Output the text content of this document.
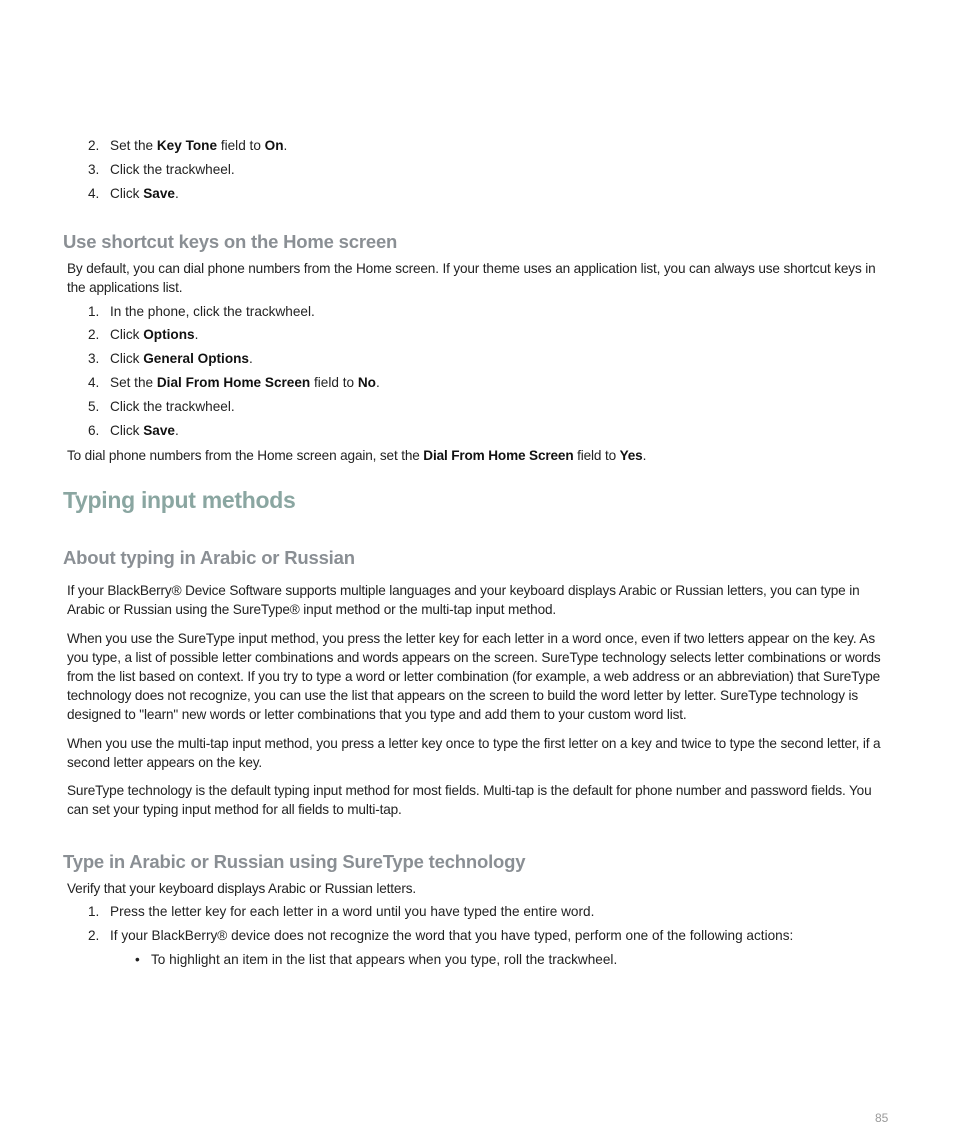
2. Set the Key Tone field to On.
3. Click the trackwheel.
4. Click Save.
Use shortcut keys on the Home screen

By default, you can dial phone numbers from the Home screen. If your theme uses an application list, you can always use shortcut keys in the applications list.

1. In the phone, click the trackwheel.
2. Click Options.
3. Click General Options.
4. Set the Dial From Home Screen field to No.
5. Click the trackwheel.
6. Click Save.

To dial phone numbers from the Home screen again, set the Dial From Home Screen field to Yes.

Typing input methods
About typing in Arabic or Russian

If your BlackBerry® Device Software supports multiple languages and your keyboard displays Arabic or Russian letters, you can type in Arabic or Russian using the SureType® input method or the multi-tap input method.

When you use the SureType input method, you press the letter key for each letter in a word once, even if two letters appear on the key. As you type, a list of possible letter combinations and words appears on the screen. SureType technology selects letter combinations or words from the list based on context. If you try to type a word or letter combination (for example, a web address or an abbreviation) that SureType technology does not recognize, you can use the list that appears on the screen to build the word letter by letter. SureType technology is designed to "learn" new words or letter combinations that you type and add them to your custom word list.

When you use the multi-tap input method, you press a letter key once to type the first letter on a key and twice to type the second letter, if a second letter appears on the key.

SureType technology is the default typing input method for most fields. Multi-tap is the default for phone number and password fields. You can set your typing input method for all fields to multi-tap.

Type in Arabic or Russian using SureType technology

Verify that your keyboard displays Arabic or Russian letters.

1. Press the letter key for each letter in a word until you have typed the entire word.
2. If your BlackBerry® device does not recognize the word that you have typed, perform one of the following actions:
• To highlight an item in the list that appears when you type, roll the trackwheel.
85
